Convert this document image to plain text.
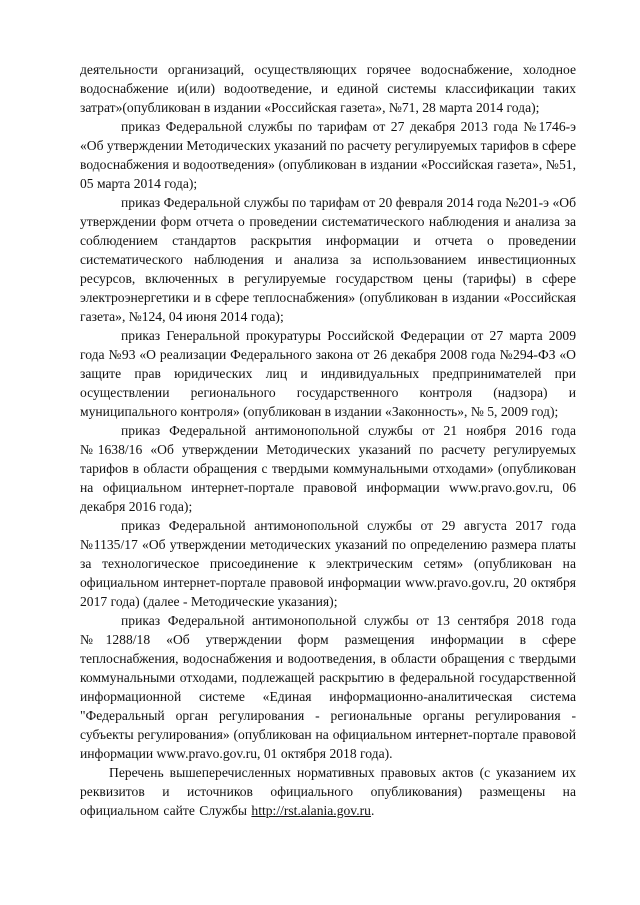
деятельности организаций, осуществляющих горячее водоснабжение, холодное водоснабжение и(или) водоотведение, и единой системы классификации таких затрат»(опубликован в издании «Российская газета», №71, 28 марта 2014 года);

приказ Федеральной службы по тарифам от 27 декабря 2013 года №1746-э «Об утверждении Методических указаний по расчету регулируемых тарифов в сфере водоснабжения и водоотведения» (опубликован в издании «Российская газета», №51, 05 марта 2014 года);

приказ Федеральной службы по тарифам от 20 февраля 2014 года №201-э «Об утверждении форм отчета о проведении систематического наблюдения и анализа за соблюдением стандартов раскрытия информации и отчета о проведении систематического наблюдения и анализа за использованием инвестиционных ресурсов, включенных в регулируемые государством цены (тарифы) в сфере электроэнергетики и в сфере теплоснабжения» (опубликован в издании «Российская газета», №124, 04 июня 2014 года);

приказ Генеральной прокуратуры Российской Федерации от 27 марта 2009 года №93 «О реализации Федерального закона от 26 декабря 2008 года №294-ФЗ «О защите прав юридических лиц и индивидуальных предпринимателей при осуществлении регионального государственного контроля (надзора) и муниципального контроля» (опубликован в издании «Законность», № 5, 2009 год);

приказ Федеральной антимонопольной службы от 21 ноября 2016 года №1638/16 «Об утверждении Методических указаний по расчету регулируемых тарифов в области обращения с твердыми коммунальными отходами» (опубликован на официальном интернет-портале правовой информации www.pravo.gov.ru, 06 декабря 2016 года);

приказ Федеральной антимонопольной службы от 29 августа 2017 года №1135/17 «Об утверждении методических указаний по определению размера платы за технологическое присоединение к электрическим сетям» (опубликован на официальном интернет-портале правовой информации www.pravo.gov.ru, 20 октября 2017 года) (далее - Методические указания);

приказ Федеральной антимонопольной службы от 13 сентября 2018 года №1288/18 «Об утверждении форм размещения информации в сфере теплоснабжения, водоснабжения и водоотведения, в области обращения с твердыми коммунальными отходами, подлежащей раскрытию в федеральной государственной информационной системе «Единая информационно-аналитическая система "Федеральный орган регулирования - региональные органы регулирования - субъекты регулирования» (опубликован на официальном интернет-портале правовой информации www.pravo.gov.ru, 01 октября 2018 года).

Перечень вышеперечисленных нормативных правовых актов (с указанием их реквизитов и источников официального опубликования) размещены на официальном сайте Службы http://rst.alania.gov.ru.
